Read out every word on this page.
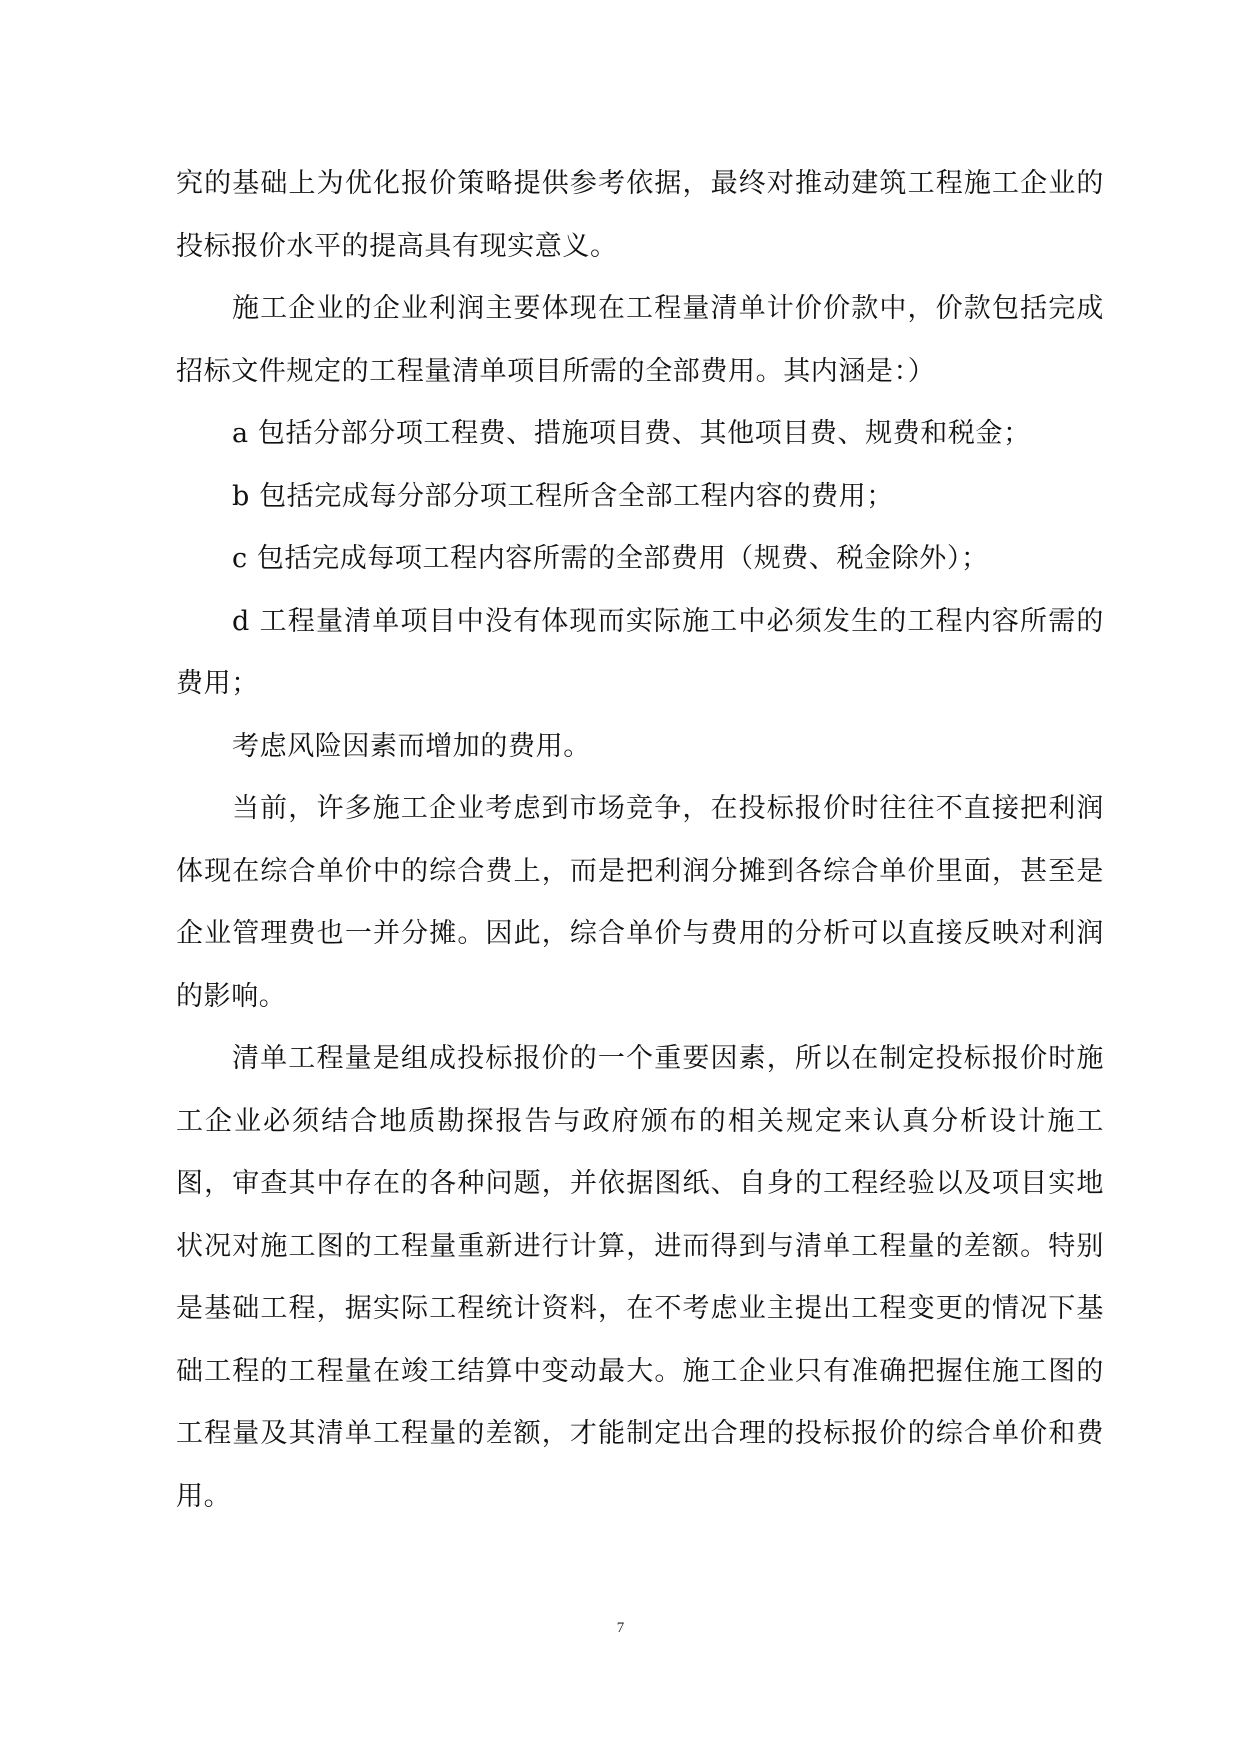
究的基础上为优化报价策略提供参考依据，最终对推动建筑工程施工企业的投标报价水平的提高具有现实意义。

施工企业的企业利润主要体现在工程量清单计价价款中，价款包括完成招标文件规定的工程量清单项目所需的全部费用。其内涵是：）

a 包括分部分项工程费、措施项目费、其他项目费、规费和税金；

b 包括完成每分部分项工程所含全部工程内容的费用；

c 包括完成每项工程内容所需的全部费用（规费、税金除外）；

d 工程量清单项目中没有体现而实际施工中必须发生的工程内容所需的费用；

考虑风险因素而增加的费用。

当前，许多施工企业考虑到市场竞争，在投标报价时往往不直接把利润体现在综合单价中的综合费上，而是把利润分摊到各综合单价里面，甚至是企业管理费也一并分摊。因此，综合单价与费用的分析可以直接反映对利润的影响。

清单工程量是组成投标报价的一个重要因素，所以在制定投标报价时施工企业必须结合地质勘探报告与政府颁布的相关规定来认真分析设计施工图，审查其中存在的各种问题，并依据图纸、自身的工程经验以及项目实地状况对施工图的工程量重新进行计算，进而得到与清单工程量的差额。特别是基础工程，据实际工程统计资料，在不考虑业主提出工程变更的情况下基础工程的工程量在竣工结算中变动最大。施工企业只有准确把握住施工图的工程量及其清单工程量的差额，才能制定出合理的投标报价的综合单价和费用。

7
